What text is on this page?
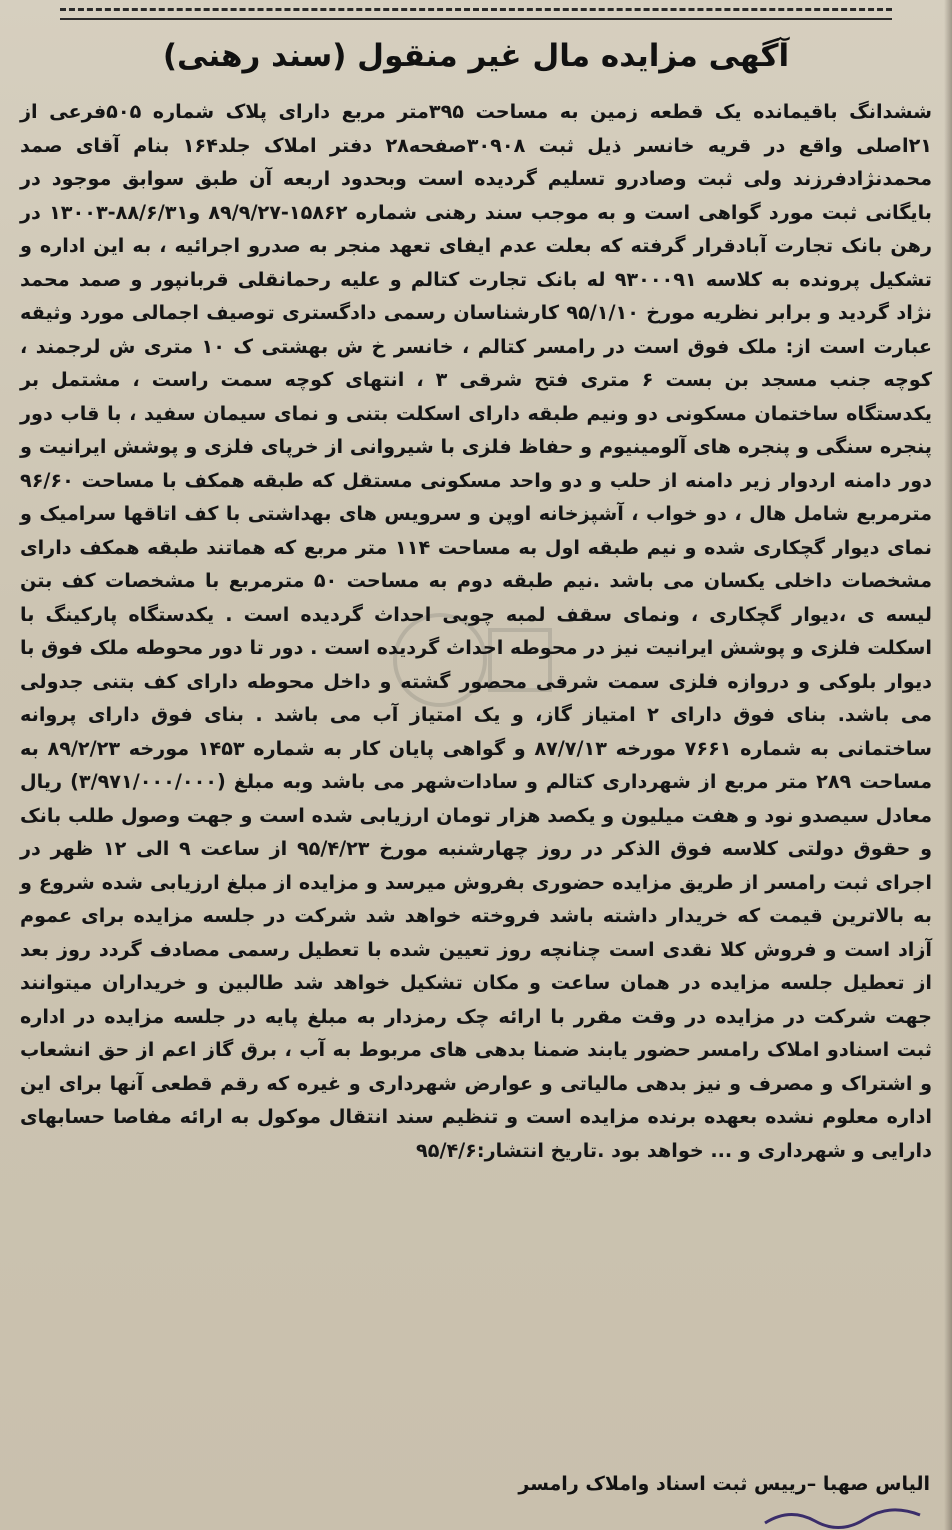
آگهی مزایده مال غیر منقول (سند رهنی)
ششدانگ باقیمانده یک قطعه زمین به مساحت ۳۹۵متر مربع دارای پلاک شماره ۵۰۵فرعی از ۲۱اصلی واقع در قریه خانسر ذیل ثبت ۳۰۹۰۸صفحه۲۸ دفتر املاک جلد۱۶۴ بنام آقای صمد محمدنژادفرزند ولی ثبت وصادرو تسلیم گردیده است وبحدود اربعه آن طبق سوابق موجود در بایگانی ثبت مورد گواهی است و به موجب سند رهنی شماره ۱۵۸۶۲-۸۹/۹/۲۷ و۸۸/۶/۳۱-۱۳۰۰۳ در رهن بانک تجارت آبادقرار گرفته که بعلت عدم ایفای تعهد منجر به صدرو اجرائیه ، به این اداره و تشکیل پرونده به کلاسه ۹۳۰۰۰۹۱ له بانک تجارت کتالم و علیه رحمانقلی قربانپور و صمد محمد نژاد گردید و برابر نظریه مورخ ۹۵/۱/۱۰ کارشناسان رسمی دادگستری توصیف اجمالی مورد وثیقه عبارت است از: ملک فوق است در رامسر کتالم ، خانسر خ ش بهشتی ک ۱۰ متری ش لرجمند ، کوچه جنب مسجد بن بست ۶ متری فتح شرقی ۳ ، انتهای کوچه سمت راست ، مشتمل بر یکدستگاه ساختمان مسکونی دو ونیم طبقه دارای اسکلت بتنی و نمای سیمان سفید ، با قاب دور پنجره سنگی و پنجره های آلومینیوم و حفاظ فلزی با شیروانی از خرپای فلزی و پوشش ایرانیت و دور دامنه اردوار زیر دامنه از حلب و دو واحد مسکونی مستقل که طبقه همکف با مساحت ۹۶/۶۰ مترمربع شامل هال ، دو خواب ، آشپزخانه اوپن و سرویس های بهداشتی با کف اتاقها سرامیک و نمای دیوار گچکاری شده و نیم طبقه اول به مساحت ۱۱۴ متر مربع که هماتند طبقه همکف دارای مشخصات داخلی یکسان می باشد .نیم طبقه دوم به مساحت ۵۰ مترمربع با مشخصات کف بتن لیسه ی ،دیوار گچکاری ، ونمای سقف لمبه چوبی احداث گردیده است . یکدستگاه پارکینگ با اسکلت فلزی و پوشش ایرانیت نیز در محوطه احداث گردیده است . دور تا دور محوطه ملک فوق با دیوار بلوکی و دروازه فلزی سمت شرقی محصور گشته و داخل محوطه دارای کف بتنی جدولی می باشد. بنای فوق دارای ۲ امتیاز گاز، و یک امتیاز آب می باشد . بنای فوق دارای پروانه ساختمانی به شماره ۷۶۶۱ مورخه ۸۷/۷/۱۳ و گواهی پایان کار به شماره ۱۴۵۳ مورخه ۸۹/۲/۲۳ به مساحت ۲۸۹ متر مربع از شهرداری کتالم و سادات‌شهر می باشد وبه مبلغ (۳/۹۷۱/۰۰۰/۰۰۰) ریال معادل سیصدو نود و هفت میلیون و یکصد هزار تومان ارزیابی شده است و جهت وصول طلب بانک و حقوق دولتی کلاسه فوق الذکر در روز چهارشنبه مورخ ۹۵/۴/۲۳ از ساعت ۹ الی ۱۲ ظهر در اجرای ثبت رامسر از طریق مزایده حضوری بفروش میرسد و مزایده از مبلغ ارزیابی شده شروع و به بالاترین قیمت که خریدار داشته باشد فروخته خواهد شد شرکت در جلسه مزایده برای عموم آزاد است و فروش کلا نقدی است چنانچه روز تعیین شده با تعطیل رسمی مصادف گردد روز بعد از تعطیل جلسه مزایده در همان ساعت و مکان تشکیل خواهد شد طالبین و خریداران میتوانند جهت شرکت در مزایده در وقت مقرر با ارائه چک رمزدار به مبلغ پایه در جلسه مزایده در اداره ثبت اسنادو املاک رامسر حضور یابند ضمنا بدهی های مربوط به آب ، برق گاز اعم از حق انشعاب و اشتراک و مصرف و نیز بدهی مالیاتی و عوارض شهرداری و غیره که رقم قطعی آنها برای این اداره معلوم نشده بعهده برنده مزایده است و تنظیم سند انتقال موکول به ارائه مفاصا حسابهای دارایی و شهرداری و ... خواهد بود .تاریخ انتشار:۹۵/۴/۶
الیاس صهبا –رییس ثبت اسناد واملاک رامسر
